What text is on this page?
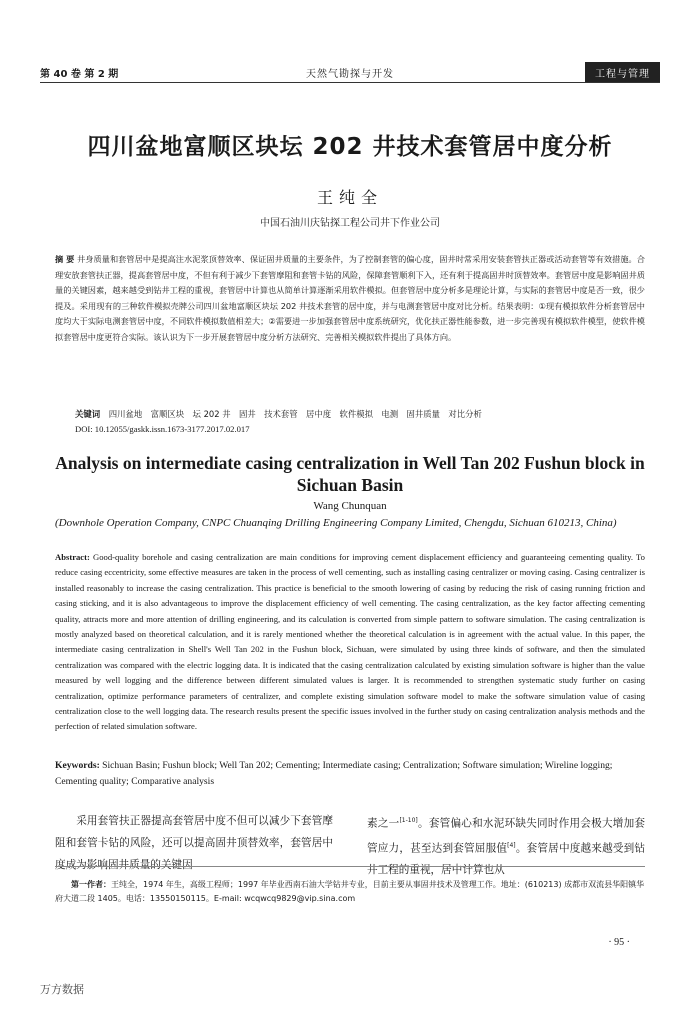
第 40 卷 第 2 期	天然气勘探与开发	工程与管理
四川盆地富顺区块坛 202 井技术套管居中度分析
王纯全
中国石油川庆钻探工程公司井下作业公司
摘 要 井身质量和套管居中是提高注水泥浆顶替效率、保证固井质量的主要条件，为了控制套管的偏心度，固井时常采用安装套管扶正器或活动套管等有效措施。合理安放套管扶正器，提高套管居中度，不但有利于减少下套管摩阻和套管卡钻的风险，保障套管顺利下入，还有利于提高固井时顶替效率。套管居中度是影响固井质量的关键因素，越来越受到钻井工程的重视，套管居中计算也从简单计算逐渐采用软件模拟。但套管居中度分析多是理论计算，与实际的套管居中度是否一致，很少提及。采用现有的三种软件模拟壳牌公司四川盆地富顺区块坛 202 井技术套管的居中度，并与电测套管居中度对比分析。结果表明：①现有模拟软件分析套管居中度均大于实际电测套管居中度，不同软件模拟数值相差大；②需要进一步加强套管居中度系统研究，优化扶正器性能参数，进一步完善现有模拟软件模型，使软件模拟套管居中度更符合实际。该认识为下一步开展套管居中度分析方法研究、完善相关模拟软件提出了具体方向。
关键词 四川盆地　富顺区块　坛 202 井　固井　技术套管　居中度　软件模拟　电测　固井质量　对比分析
DOI: 10.12055/gaskk.issn.1673-3177.2017.02.017
Analysis on intermediate casing centralization in Well Tan 202 Fushun block in Sichuan Basin
Wang Chunquan
(Downhole Operation Company, CNPC Chuanqing Drilling Engineering Company Limited, Chengdu, Sichuan 610213, China)
Abstract: Good-quality borehole and casing centralization are main conditions for improving cement displacement efficiency and guaranteeing cementing quality. To reduce casing eccentricity, some effective measures are taken in the process of well cementing, such as installing casing centralizer or moving casing. Casing centralizer is installed reasonably to increase the casing centralization. This practice is beneficial to the smooth lowering of casing by reducing the risk of casing running friction and casing sticking, and it is also advantageous to improve the displacement efficiency of well cementing. The casing centralization, as the key factor affecting cementing quality, attracts more and more attention of drilling engineering, and its calculation is converted from simple pattern to software simulation. The casing centralization is mostly analyzed based on theoretical calculation, and it is rarely mentioned whether the theoretical calculation is in agreement with the actual value. In this paper, the intermediate casing centralization in Shell's Well Tan 202 in the Fushun block, Sichuan, were simulated by using three kinds of software, and then the simulated centralization was compared with the electric logging data. It is indicated that the casing centralization calculated by existing simulation software is higher than the value measured by well logging and the difference between different simulated values is larger. It is recommended to strengthen systematic study further on casing centralization, optimize performance parameters of centralizer, and complete existing simulation software model to make the software simulation value of casing centralization close to the well logging data. The research results present the specific issues involved in the further study on casing centralization analysis methods and the perfection of related simulation software.
Keywords: Sichuan Basin; Fushun block; Well Tan 202; Cementing; Intermediate casing; Centralization; Software simulation; Wireline logging; Cementing quality; Comparative analysis
采用套管扶正器提高套管居中度不但可以减少下套管摩阻和套管卡钻的风险，还可以提高固井顶替效率，套管居中度成为影响固井质量的关键因
素之一[1-10]。套管偏心和水泥环缺失同时作用会极大增加套管应力，甚至达到套管屈服值[4]。套管居中度越来越受到钻井工程的重视，居中计算也从
第一作者：王纯全，1974 年生，高级工程师；1997 年毕业西南石油大学钻井专业，目前主要从事固井技术及管理工作。地址：(610213) 成都市双流县华阳镇华府大道二段 1405。电话：13550150115。E-mail: wcqwcq9829@vip.sina.com
· 95 ·
万方数据
